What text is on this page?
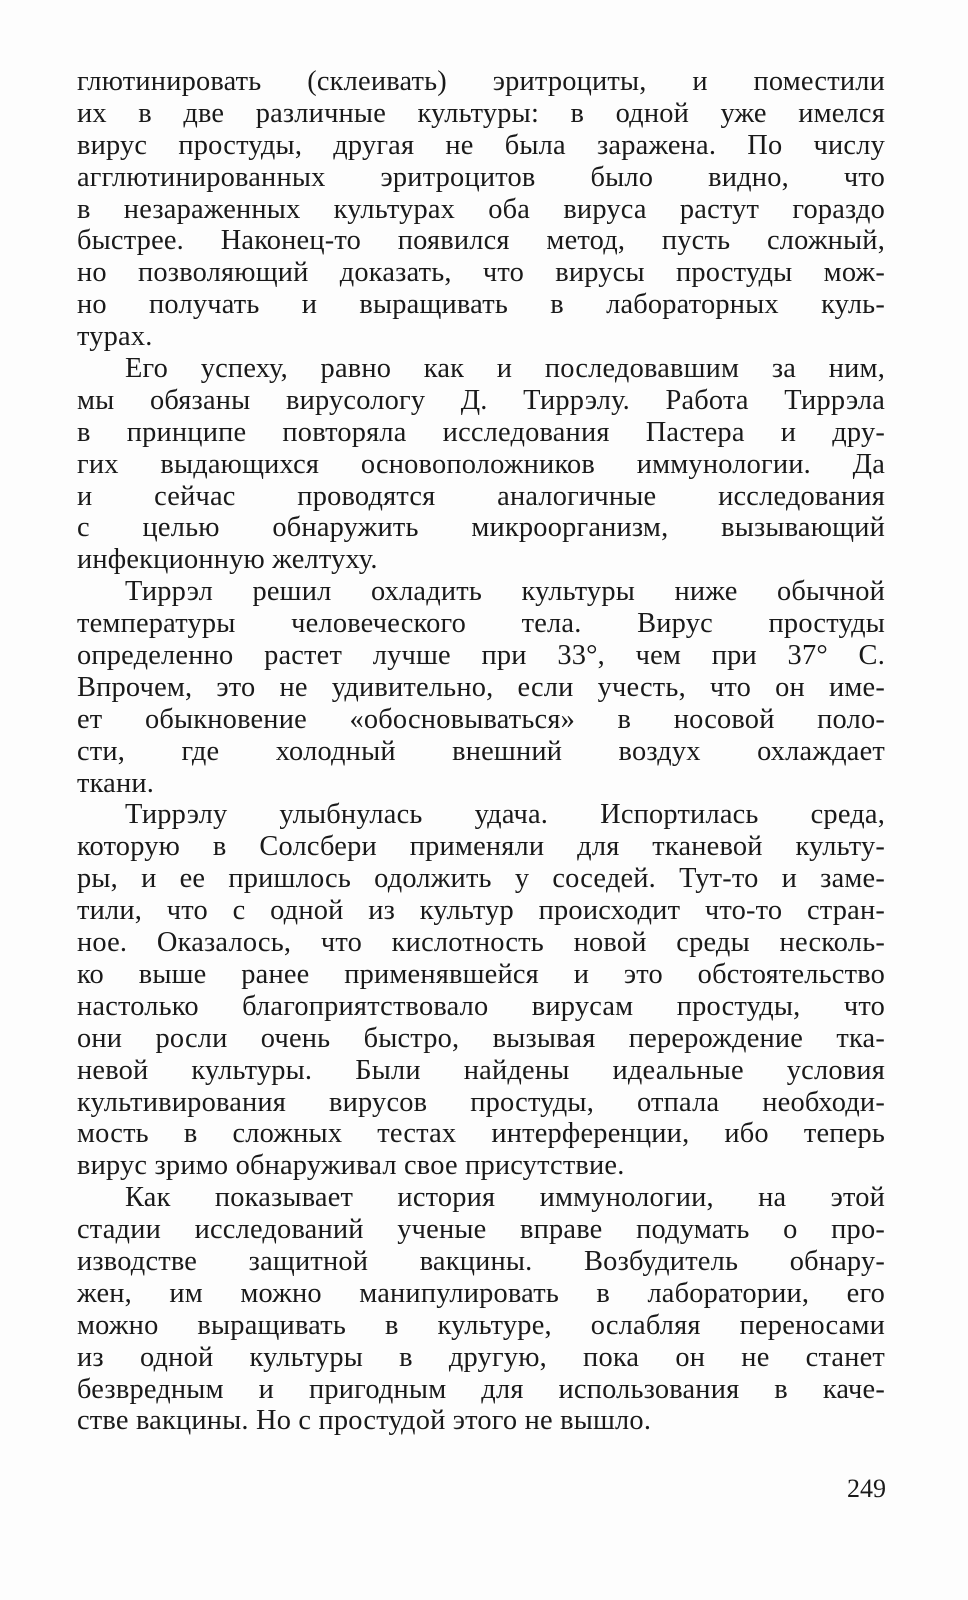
глютинировать (склеивать) эритроциты, и поместили
их в две различные культуры: в одной уже имелся
вирус простуды, другая не была заражена. По числу
агглютинированных эритроцитов было видно, что
в незараженных культурах оба вируса растут гораздо
быстрее. Наконец-то появился метод, пусть сложный,
но позволяющий доказать, что вирусы простуды мож-
но получать и выращивать в лабораторных куль-
турах.
Его успеху, равно как и последовавшим за ним,
мы обязаны вирусологу Д. Тиррэлу. Работа Тиррэла
в принципе повторяла исследования Пастера и дру-
гих выдающихся основоположников иммунологии. Да
и сейчас проводятся аналогичные исследования
с целью обнаружить микроорганизм, вызывающий
инфекционную желтуху.
Тиррэл решил охладить культуры ниже обычной
температуры человеческого тела. Вирус простуды
определенно растет лучше при 33°, чем при 37° С.
Впрочем, это не удивительно, если учесть, что он име-
ет обыкновение «обосновываться» в носовой поло-
сти, где холодный внешний воздух охлаждает
ткани.
Тиррэлу улыбнулась удача. Испортилась среда,
которую в Солсбери применяли для тканевой культу-
ры, и ее пришлось одолжить у соседей. Тут-то и заме-
тили, что с одной из культур происходит что-то стран-
ное. Оказалось, что кислотность новой среды несколь-
ко выше ранее применявшейся и это обстоятельство
настолько благоприятствовало вирусам простуды, что
они росли очень быстро, вызывая перерождение тка-
невой культуры. Были найдены идеальные условия
культивирования вирусов простуды, отпала необходи-
мость в сложных тестах интерференции, ибо теперь
вирус зримо обнаруживал свое присутствие.
Как показывает история иммунологии, на этой
стадии исследований ученые вправе подумать о про-
изводстве защитной вакцины. Возбудитель обнару-
жен, им можно манипулировать в лаборатории, его
можно выращивать в культуре, ослабляя переносами
из одной культуры в другую, пока он не станет
безвредным и пригодным для использования в каче-
стве вакцины. Но с простудой этого не вышло.
249
